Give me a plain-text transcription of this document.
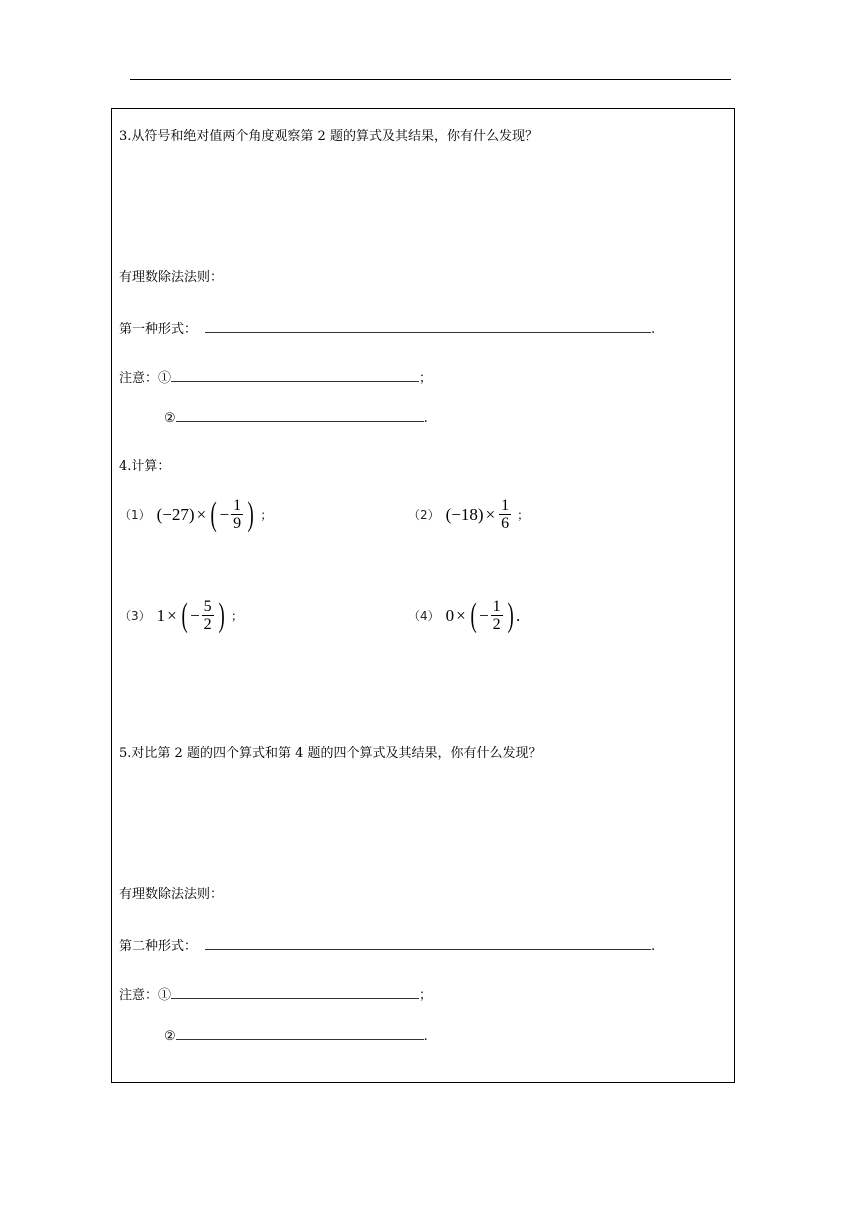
3.从符号和绝对值两个角度观察第 2 题的算式及其结果，你有什么发现？
有理数除法法则：
第一种形式：	.
注意：①	；
②	.
4.计算：
（1） (−27) × ( − $\frac{1}{9}$ ) ；	（2） $(-18) \times \frac{1}{6}$ ；
（3） 1 × ( − $\frac{5}{2}$ ) ；	（4） 0 × ( − $\frac{1}{2}$ ) .
5.对比第 2 题的四个算式和第 4 题的四个算式及其结果，你有什么发现？
有理数除法法则：
第二种形式：	.
注意：①	；
②	.
